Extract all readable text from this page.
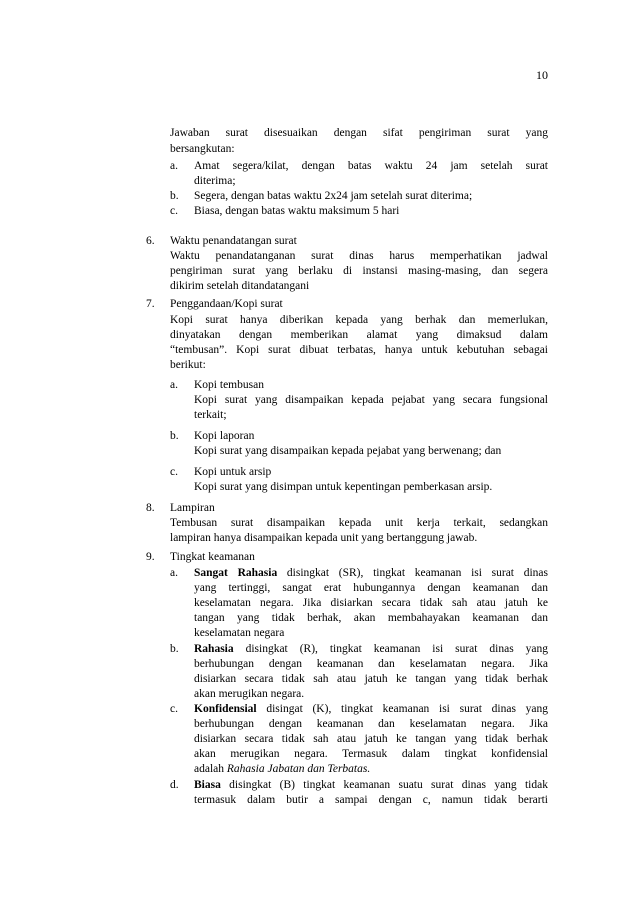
10
Jawaban surat disesuaikan dengan sifat pengiriman surat yang
bersangkutan:
a. Amat segera/kilat, dengan batas waktu 24 jam setelah surat
diterima;
b. Segera, dengan batas waktu 2x24 jam setelah surat diterima;
c. Biasa, dengan batas waktu maksimum 5 hari
6. Waktu penandatangan surat
Waktu penandatanganan surat dinas harus memperhatikan jadwal
pengiriman surat yang berlaku di instansi masing-masing, dan segera
dikirim setelah ditandatangani
7. Penggandaan/Kopi surat
Kopi surat hanya diberikan kepada yang berhak dan memerlukan,
dinyatakan dengan memberikan alamat yang dimaksud dalam
“tembusan”. Kopi surat dibuat terbatas, hanya untuk kebutuhan sebagai
berikut:
a. Kopi tembusan
Kopi surat yang disampaikan kepada pejabat yang secara fungsional
terkait;
b. Kopi laporan
Kopi surat yang disampaikan kepada pejabat yang berwenang; dan
c. Kopi untuk arsip
Kopi surat yang disimpan untuk kepentingan pemberkasan arsip.
8. Lampiran
Tembusan surat disampaikan kepada unit kerja terkait, sedangkan
lampiran hanya disampaikan kepada unit yang bertanggung jawab.
9. Tingkat keamanan
a. Sangat Rahasia disingkat (SR), tingkat keamanan isi surat dinas
yang tertinggi, sangat erat hubungannya dengan keamanan dan
keselamatan negara. Jika disiarkan secara tidak sah atau jatuh ke
tangan yang tidak berhak, akan membahayakan keamanan dan
keselamatan negara
b. Rahasia disingkat (R), tingkat keamanan isi surat dinas yang
berhubungan dengan keamanan dan keselamatan negara. Jika
disiarkan secara tidak sah atau jatuh ke tangan yang tidak berhak
akan merugikan negara.
c. Konfidensial disingat (K), tingkat keamanan isi surat dinas yang
berhubungan dengan keamanan dan keselamatan negara. Jika
disiarkan secara tidak sah atau jatuh ke tangan yang tidak berhak
akan merugikan negara. Termasuk dalam tingkat konfidensial
adalah Rahasia Jabatan dan Terbatas.
d. Biasa disingkat (B) tingkat keamanan suatu surat dinas yang tidak
termasuk dalam butir a sampai dengan c, namun tidak berarti
